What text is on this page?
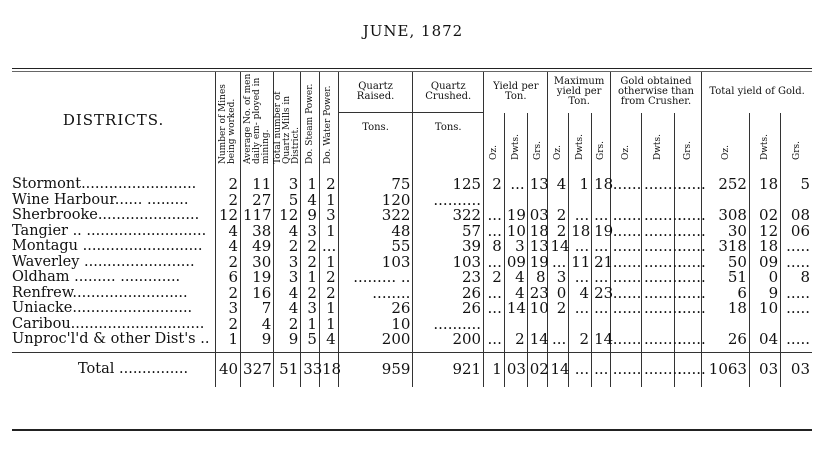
JUNE, 1872
DISTRICTS.	Number of Mines being worked.	Average No. of men daily em- ployed in mining.	Total number of Quartz Mills in District.	Do. Steam Power.	Do. Water Power.	Quartz Raised.	Quartz Crushed.	Yield per Ton.			Maximum yield per Ton.			Gold obtained otherwise than from Crusher.			Total yield of Gold.		
						Tons.	Tons.	Oz.	Dwts.	Grs.	Oz.	Dwts.	Grs.	Oz.	Dwts.	Grs.	Oz.	Dwts.	Grs.

Stormont.........................	2	11	3	1	2	75	125	2	...	13	4	1	18	......	........	......	252	18	5
Wine Harbour...... .........	2	27	5	4	1	120	..........												
Sherbrooke......................	12	117	12	9	3	322	322	...	19	03	2	...	...	......	........	......	308	02	08
Tangier .. ..........................	4	38	4	3	1	48	57	...	10	18	2	18	19	......	........	......	30	12	06
Montagu ..........................	4	49	2	2	...	55	39	8	3	13	14	...	...	......	........	......	318	18	.....
Waverley ........................	2	30	3	2	1	103	103	...	09	19	...	11	21	......	........	......	50	09	.....
Oldham ......... .............	6	19	3	1	2	......... ..	23	2	4	8	3	...	...	......	........	......	51	0	8
Renfrew.........................	2	16	4	2	2	........	26	...	4	23	0	4	23	......	........	......	6	9	.....
Uniacke..........................	3	7	4	3	1	26	26	...	14	10	2	...	...	......	........	......	18	10	.....
Caribou.............................	2	4	2	1	1	10	..........												
Unproc'l'd & other Dist's ..	1	9	9	5	4	200	200	...	2	14	...	2	14	......	........	......	26	04	.....
Total ...............	40	327	51	33	18	959	921	1	03	02	14	...	...	......	........	......	1063	03	03
